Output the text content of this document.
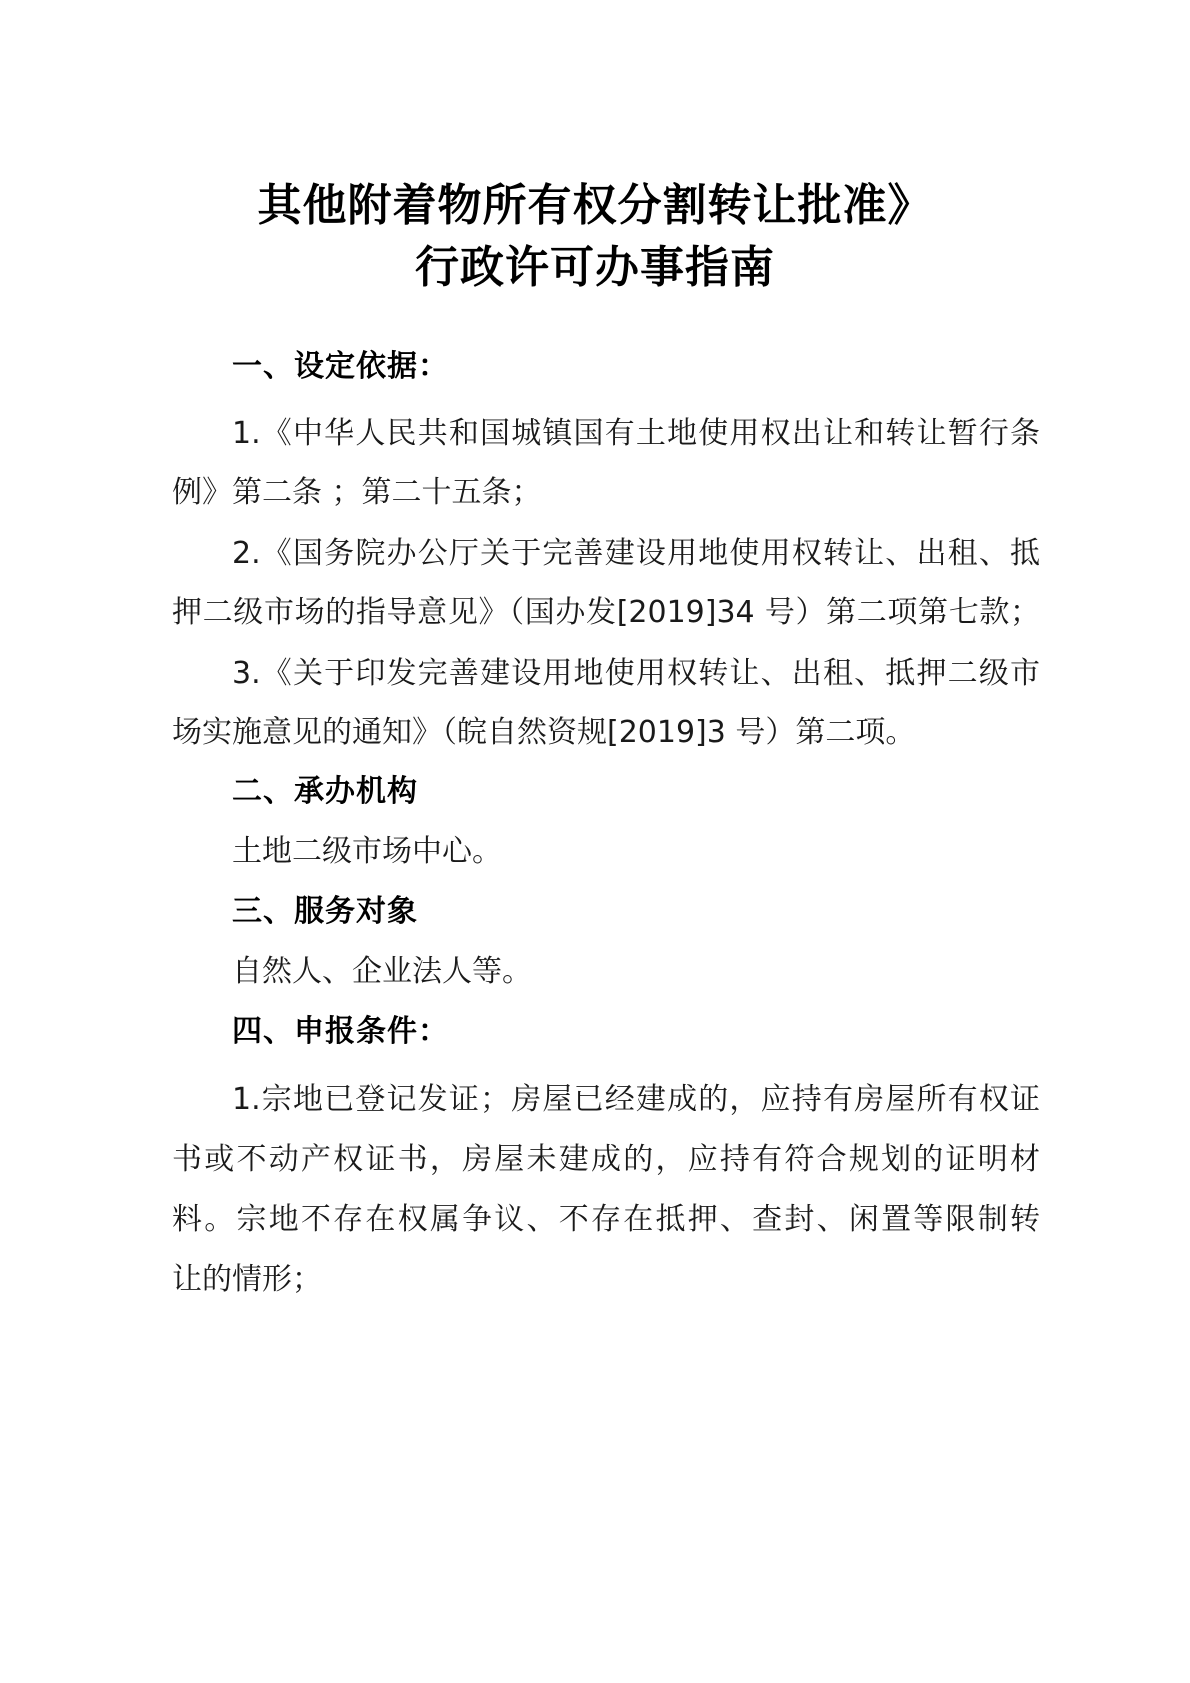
其他附着物所有权分割转让批准》
行政许可办事指南
一、设定依据：
1.《中华人民共和国城镇国有土地使用权出让和转让暂行条
例》第二条 ；第二十五条；
2.《国务院办公厅关于完善建设用地使用权转让、出租、抵
押二级市场的指导意见》（国办发[2019]34 号）第二项第七款；
3.《关于印发完善建设用地使用权转让、出租、抵押二级市
场实施意见的通知》（皖自然资规[2019]3 号）第二项。
二、承办机构
土地二级市场中心。
三、服务对象
自然人、企业法人等。
四、申报条件：
1.宗地已登记发证；房屋已经建成的，应持有房屋所有权证
书或不动产权证书，房屋未建成的，应持有符合规划的证明材
料。宗地不存在权属争议、不存在抵押、查封、闲置等限制转
让的情形；
